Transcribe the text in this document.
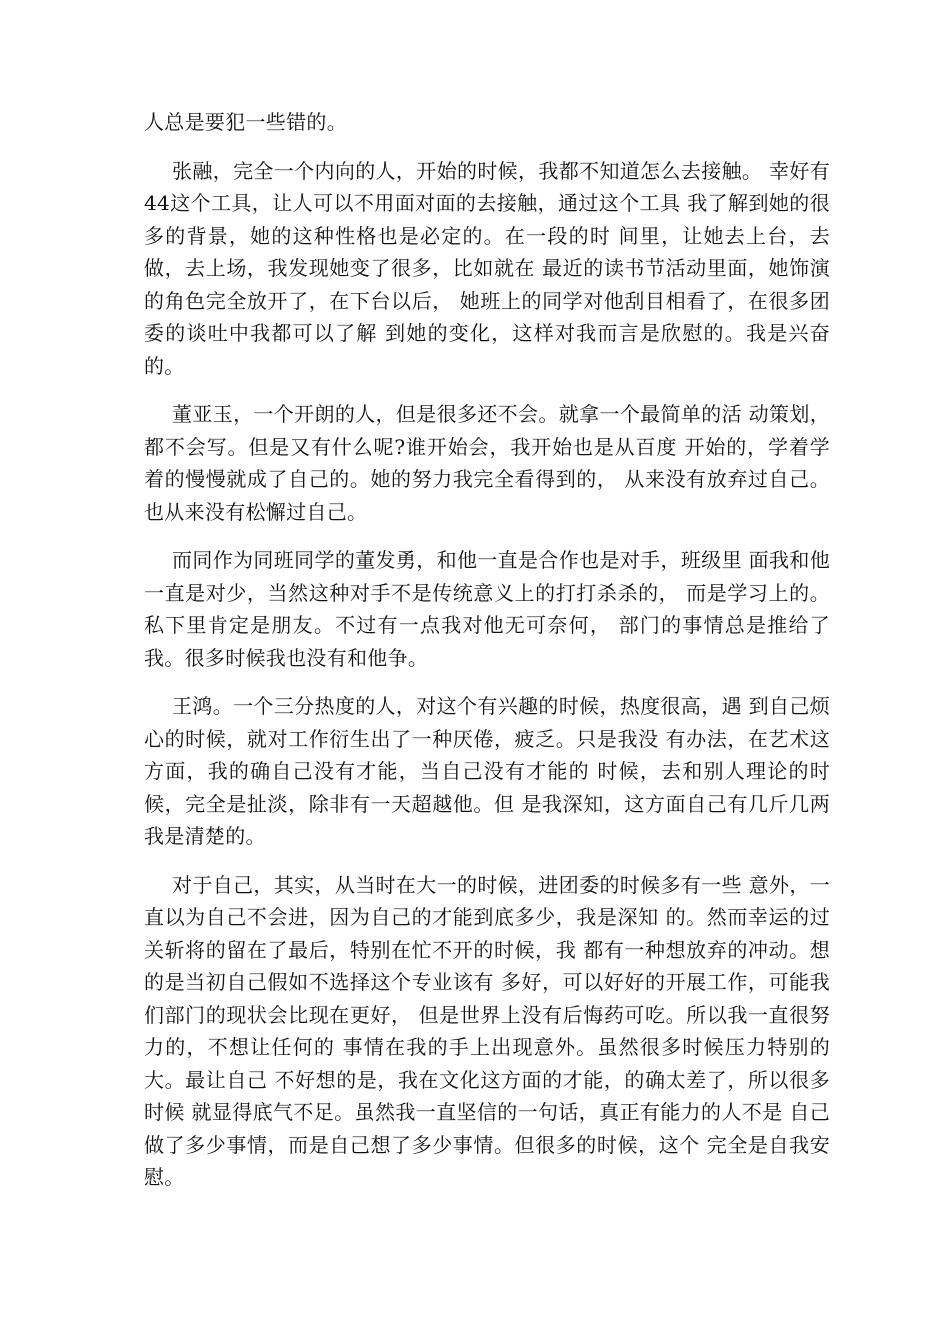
人总是要犯一些错的。

张融，完全一个内向的人，开始的时候，我都不知道怎么去接触。 幸好有44这个工具，让人可以不用面对面的去接触，通过这个工具 我了解到她的很多的背景，她的这种性格也是必定的。在一段的时 间里，让她去上台，去做，去上场，我发现她变了很多，比如就在 最近的读书节活动里面，她饰演的角色完全放开了，在下台以后， 她班上的同学对他刮目相看了，在很多团委的谈吐中我都可以了解 到她的变化，这样对我而言是欣慰的。我是兴奋的。

董亚玉，一个开朗的人，但是很多还不会。就拿一个最简单的活 动策划，都不会写。但是又有什么呢?谁开始会，我开始也是从百度 开始的，学着学着的慢慢就成了自己的。她的努力我完全看得到的， 从来没有放弃过自己。也从来没有松懈过自己。

而同作为同班同学的董发勇，和他一直是合作也是对手，班级里 面我和他一直是对少，当然这种对手不是传统意义上的打打杀杀的， 而是学习上的。私下里肯定是朋友。不过有一点我对他无可奈何， 部门的事情总是推给了我。很多时候我也没有和他争。

王鸿。一个三分热度的人，对这个有兴趣的时候，热度很高，遇 到自己烦心的时候，就对工作衍生出了一种厌倦，疲乏。只是我没 有办法，在艺术这方面，我的确自己没有才能，当自己没有才能的 时候，去和别人理论的时候，完全是扯淡，除非有一天超越他。但 是我深知，这方面自己有几斤几两我是清楚的。

对于自己，其实，从当时在大一的时候，进团委的时候多有一些 意外，一直以为自己不会进，因为自己的才能到底多少，我是深知 的。然而幸运的过关斩将的留在了最后，特别在忙不开的时候，我 都有一种想放弃的冲动。想的是当初自己假如不选择这个专业该有 多好，可以好好的开展工作，可能我们部门的现状会比现在更好， 但是世界上没有后悔药可吃。所以我一直很努力的，不想让任何的 事情在我的手上出现意外。虽然很多时候压力特别的大。最让自己 不好想的是，我在文化这方面的才能，的确太差了，所以很多时候 就显得底气不足。虽然我一直坚信的一句话，真正有能力的人不是 自己做了多少事情，而是自己想了多少事情。但很多的时候，这个 完全是自我安慰。
